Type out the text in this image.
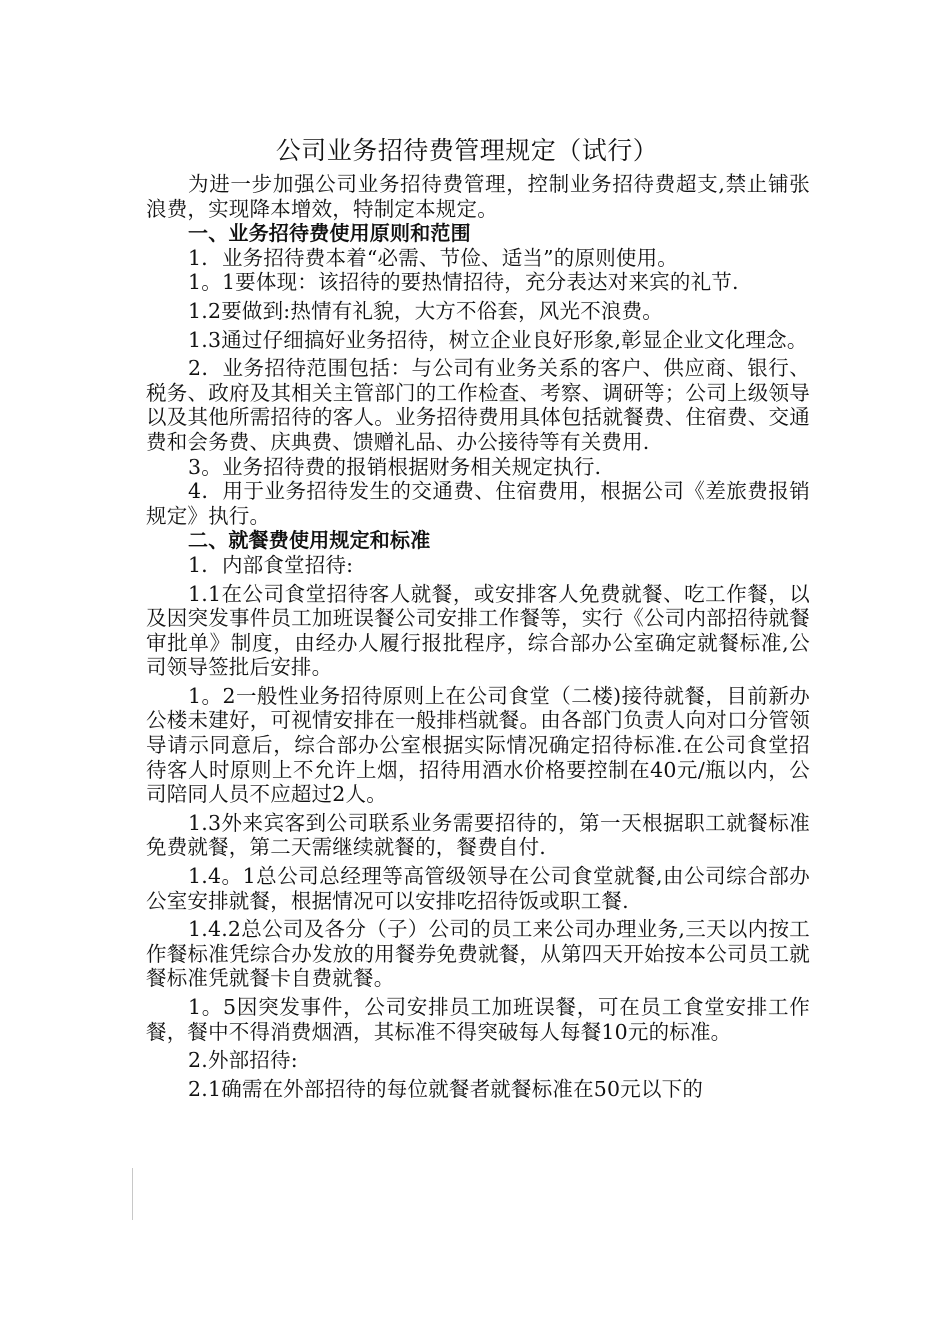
公司业务招待费管理规定（试行）

为进一步加强公司业务招待费管理，控制业务招待费超支,禁止铺张浪费，实现降本增效，特制定本规定。

一、业务招待费使用原则和范围

1．业务招待费本着“必需、节俭、适当”的原则使用。

1。1要体现：该招待的要热情招待，充分表达对来宾的礼节.

1.2要做到:热情有礼貌，大方不俗套，风光不浪费。

1.3通过仔细搞好业务招待，树立企业良好形象,彰显企业文化理念。

2．业务招待范围包括：与公司有业务关系的客户、供应商、银行、税务、政府及其相关主管部门的工作检查、考察、调研等；公司上级领导以及其他所需招待的客人。业务招待费用具体包括就餐费、住宿费、交通费和会务费、庆典费、馈赠礼品、办公接待等有关费用.

3。业务招待费的报销根据财务相关规定执行.

4．用于业务招待发生的交通费、住宿费用，根据公司《差旅费报销规定》执行。

二、就餐费使用规定和标准

1．内部食堂招待:

1.1在公司食堂招待客人就餐，或安排客人免费就餐、吃工作餐，以及因突发事件员工加班误餐公司安排工作餐等，实行《公司内部招待就餐审批单》制度，由经办人履行报批程序，综合部办公室确定就餐标准,公司领导签批后安排。

1。2一般性业务招待原则上在公司食堂（二楼)接待就餐，目前新办公楼未建好，可视情安排在一般排档就餐。由各部门负责人向对口分管领导请示同意后，综合部办公室根据实际情况确定招待标准.在公司食堂招待客人时原则上不允许上烟，招待用酒水价格要控制在40元/瓶以内，公司陪同人员不应超过2人。

1.3外来宾客到公司联系业务需要招待的，第一天根据职工就餐标准免费就餐，第二天需继续就餐的，餐费自付.

1.4。1总公司总经理等高管级领导在公司食堂就餐,由公司综合部办公室安排就餐，根据情况可以安排吃招待饭或职工餐.

1.4.2总公司及各分（子）公司的员工来公司办理业务,三天以内按工作餐标准凭综合办发放的用餐券免费就餐，从第四天开始按本公司员工就餐标准凭就餐卡自费就餐。

1。5因突发事件，公司安排员工加班误餐，可在员工食堂安排工作餐，餐中不得消费烟酒，其标准不得突破每人每餐10元的标准。

2.外部招待:

2.1确需在外部招待的每位就餐者就餐标准在50元以下的
